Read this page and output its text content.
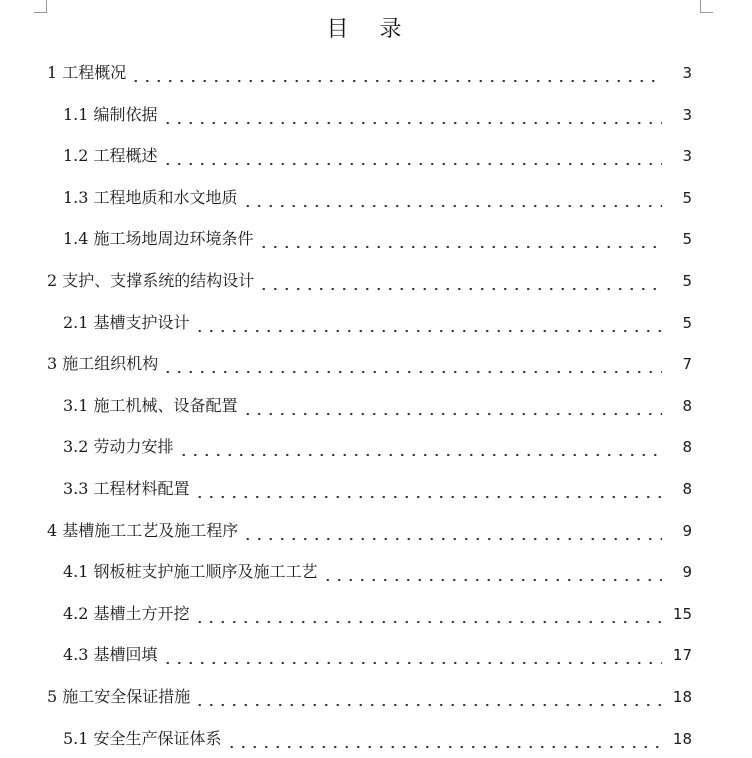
目 录
1 工程概况	3
1.1 编制依据	3
1.2 工程概述	3
1.3 工程地质和水文地质	5
1.4 施工场地周边环境条件	5
2 支护、支撑系统的结构设计	5
2.1 基槽支护设计	5
3 施工组织机构	7
3.1 施工机械、设备配置	8
3.2 劳动力安排	8
3.3 工程材料配置	8
4 基槽施工工艺及施工程序	9
4.1 钢板桩支护施工顺序及施工工艺	9
4.2 基槽土方开挖	15
4.3 基槽回填	17
5 施工安全保证措施	18
5.1 安全生产保证体系	18
